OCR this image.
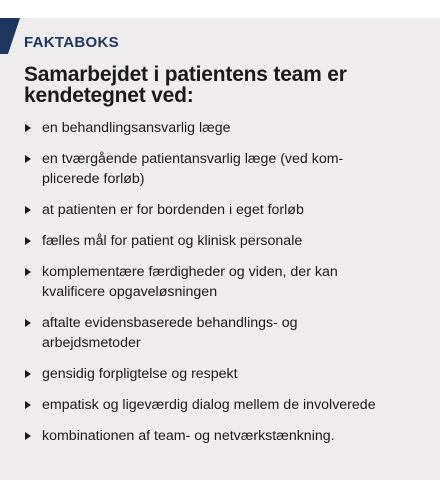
FAKTABOKS
Samarbejdet i patientens team er
kendetegnet ved:
en behandlingsansvarlig læge
en tværgående patientansvarlig læge (ved kom-
plicerede forløb)
at patienten er for bordenden i eget forløb
fælles mål for patient og klinisk personale
komplementære færdigheder og viden, der kan
kvalificere opgaveløsningen
aftalte evidensbaserede behandlings- og
arbejdsmetoder
gensidig forpligtelse og respekt
empatisk og ligeværdig dialog mellem de involverede
kombinationen af team- og netværkstænkning.
